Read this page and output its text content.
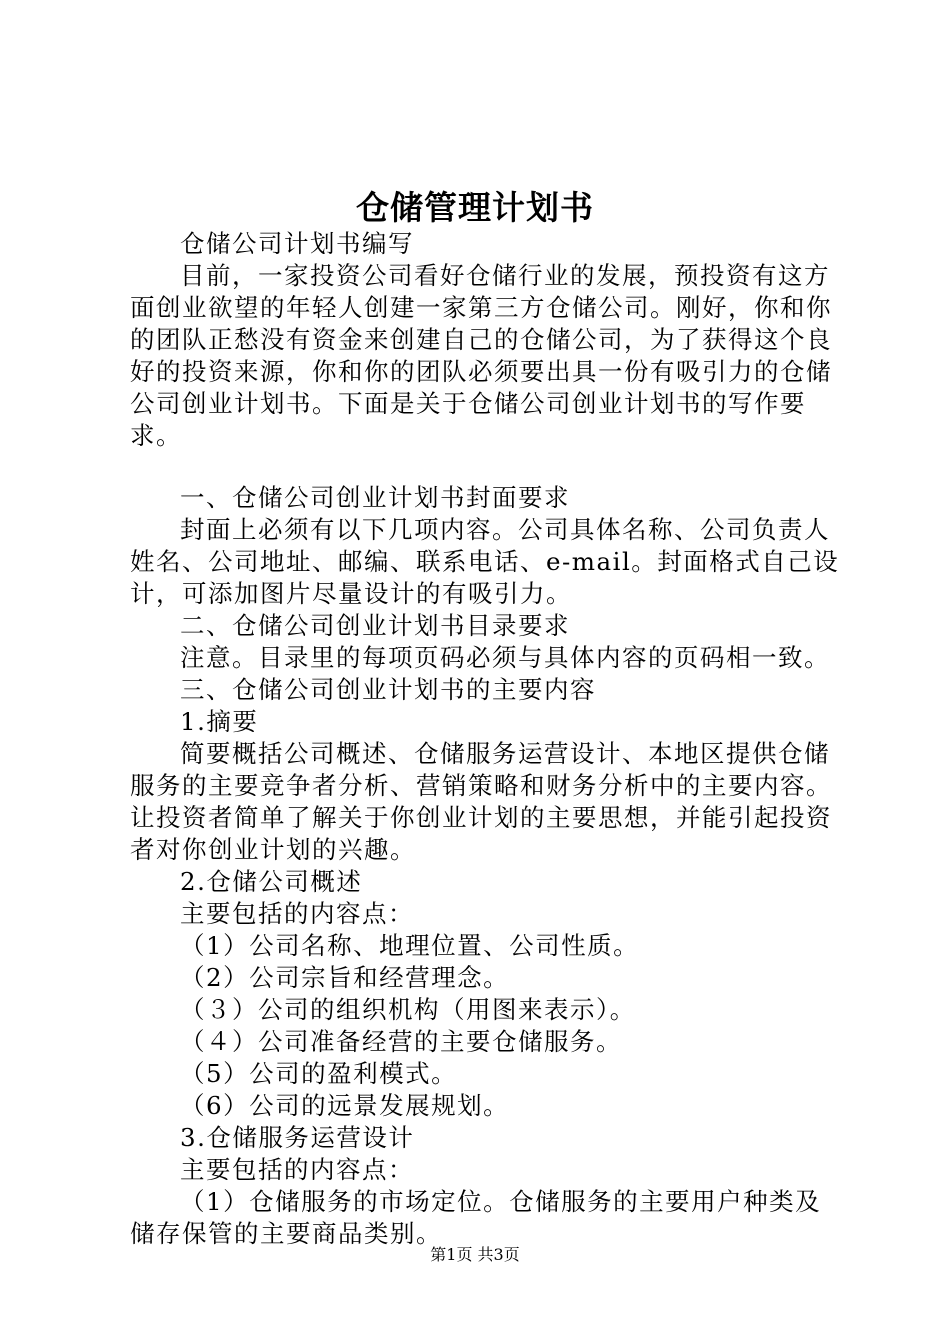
仓储管理计划书

仓储公司计划书编写

目前，一家投资公司看好仓储行业的发展，预投资有这方面创业欲望的年轻人创建一家第三方仓储公司。刚好，你和你的团队正愁没有资金来创建自己的仓储公司，为了获得这个良好的投资来源，你和你的团队必须要出具一份有吸引力的仓储公司创业计划书。下面是关于仓储公司创业计划书的写作要求。

一、仓储公司创业计划书封面要求

封面上必须有以下几项内容。公司具体名称、公司负责人姓名、公司地址、邮编、联系电话、e-mail。封面格式自己设计，可添加图片尽量设计的有吸引力。

二、仓储公司创业计划书目录要求

注意。目录里的每项页码必须与具体内容的页码相一致。

三、仓储公司创业计划书的主要内容

1.摘要

简要概括公司概述、仓储服务运营设计、本地区提供仓储服务的主要竞争者分析、营销策略和财务分析中的主要内容。让投资者简单了解关于你创业计划的主要思想，并能引起投资者对你创业计划的兴趣。

2.仓储公司概述

主要包括的内容点：

（1）公司名称、地理位置、公司性质。

（2）公司宗旨和经营理念。

（３）公司的组织机构（用图来表示）。

（４）公司准备经营的主要仓储服务。

（5）公司的盈利模式。

（6）公司的远景发展规划。

3.仓储服务运营设计

主要包括的内容点：

（1）仓储服务的市场定位。仓储服务的主要用户种类及储存保管的主要商品类别。

第1页 共3页
